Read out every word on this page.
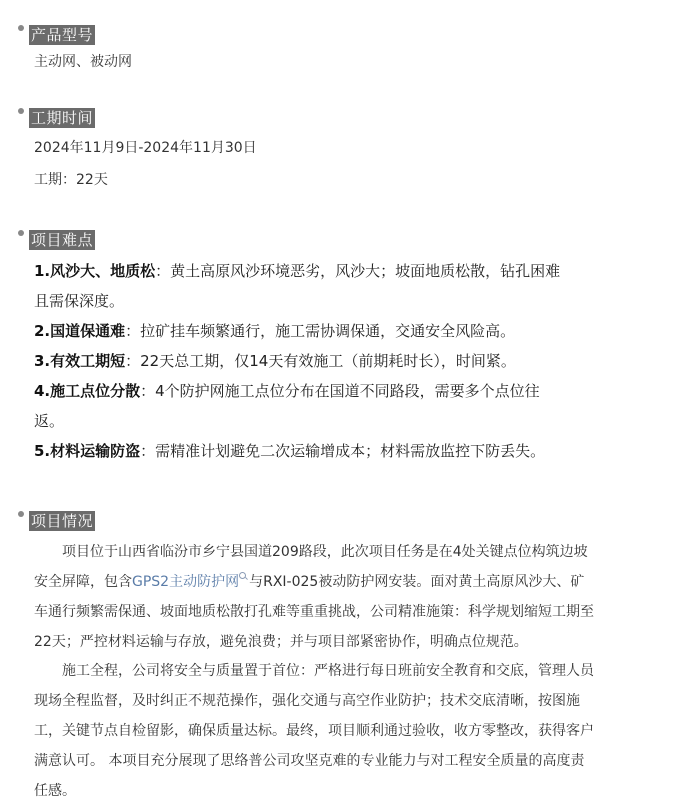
产品型号
主动网、被动网
工期时间
2024年11月9日-2024年11月30日
工期：22天
项目难点
1.风沙大、地质松：黄土高原风沙环境恶劣，风沙大；坡面地质松散，钻孔困难
且需保深度。
2.国道保通难：拉矿挂车频繁通行，施工需协调保通，交通安全风险高。
3.有效工期短：22天总工期，仅14天有效施工（前期耗时长），时间紧。
4.施工点位分散：4个防护网施工点位分布在国道不同路段，需要多个点位往
返。
5.材料运输防盗：需精准计划避免二次运输增成本；材料需放监控下防丢失。
项目情况
　　项目位于山西省临汾市乡宁县国道209路段，此次项目任务是在4处关键点位构筑边坡
安全屏障，包含GPS2主动防护网 与RXI-025被动防护网安装。面对黄土高原风沙大、矿
车通行频繁需保通、坡面地质松散打孔难等重重挑战，公司精准施策：科学规划缩短工期至
22天；严控材料运输与存放，避免浪费；并与项目部紧密协作，明确点位规范。
　　施工全程，公司将安全与质量置于首位：严格进行每日班前安全教育和交底，管理人员
现场全程监督，及时纠正不规范操作，强化交通与高空作业防护；技术交底清晰，按图施
工，关键节点自检留影，确保质量达标。最终，项目顺利通过验收，收方零整改，获得客户
满意认可。 本项目充分展现了思络普公司攻坚克难的专业能力与对工程安全质量的高度责
任感。
